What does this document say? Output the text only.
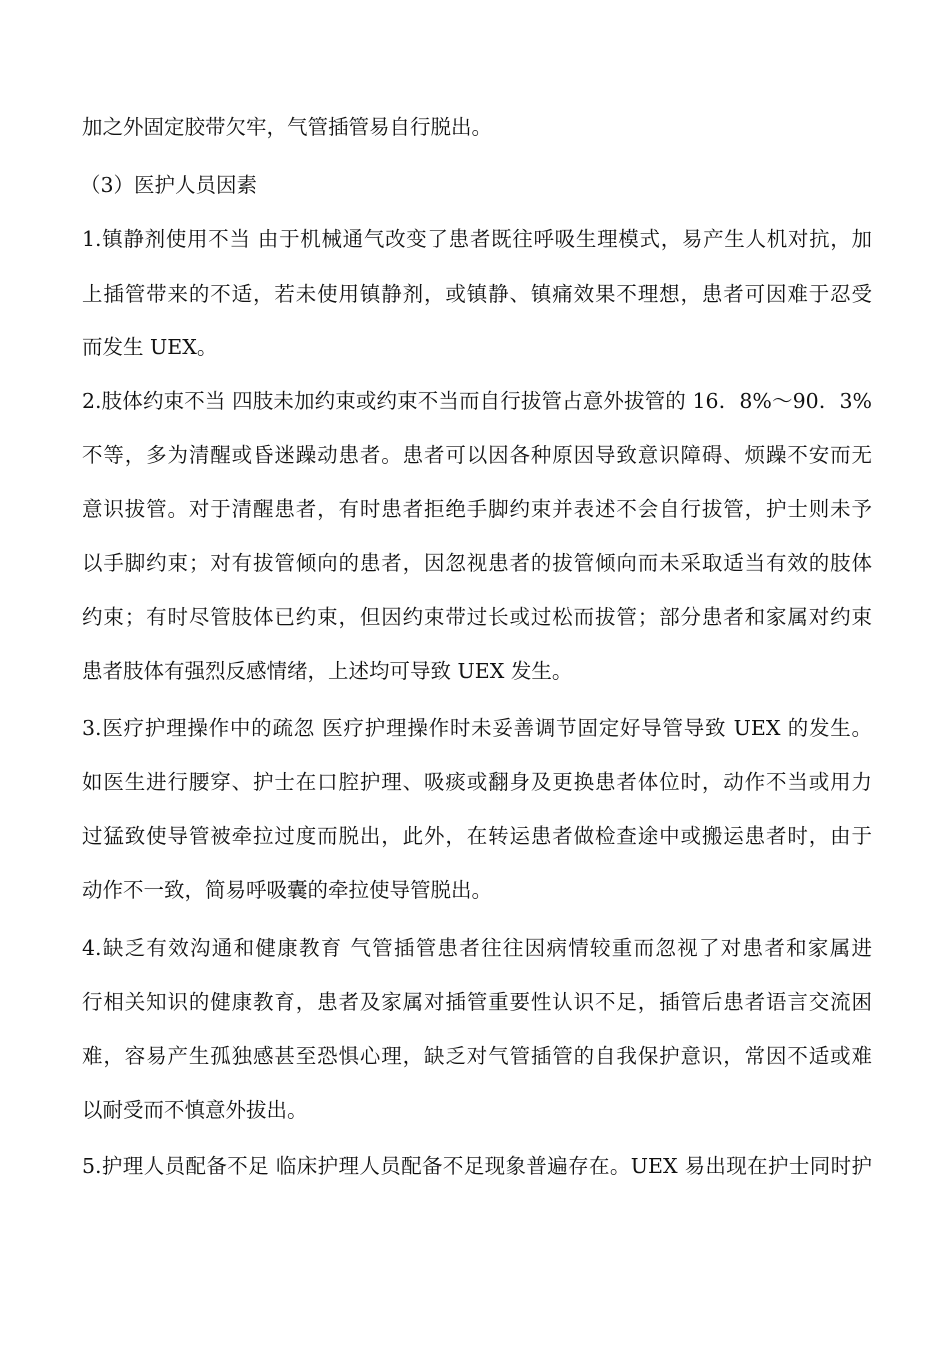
加之外固定胶带欠牢，气管插管易自行脱出。
（3）医护人员因素
1.镇静剂使用不当 由于机械通气改变了患者既往呼吸生理模式，易产生人机对抗，加
上插管带来的不适，若未使用镇静剂，或镇静、镇痛效果不理想，患者可因难于忍受
而发生 UEX。
2.肢体约束不当 四肢未加约束或约束不当而自行拔管占意外拔管的 16．8%～90．3%
不等，多为清醒或昏迷躁动患者。患者可以因各种原因导致意识障碍、烦躁不安而无
意识拔管。对于清醒患者，有时患者拒绝手脚约束并表述不会自行拔管，护士则未予
以手脚约束；对有拔管倾向的患者，因忽视患者的拔管倾向而未采取适当有效的肢体
约束；有时尽管肢体已约束，但因约束带过长或过松而拔管；部分患者和家属对约束
患者肢体有强烈反感情绪，上述均可导致 UEX 发生。
3.医疗护理操作中的疏忽 医疗护理操作时未妥善调节固定好导管导致 UEX 的发生。
如医生进行腰穿、护士在口腔护理、吸痰或翻身及更换患者体位时，动作不当或用力
过猛致使导管被牵拉过度而脱出，此外，在转运患者做检查途中或搬运患者时，由于
动作不一致，简易呼吸囊的牵拉使导管脱出。
4.缺乏有效沟通和健康教育 气管插管患者往往因病情较重而忽视了对患者和家属进
行相关知识的健康教育，患者及家属对插管重要性认识不足，插管后患者语言交流困
难，容易产生孤独感甚至恐惧心理，缺乏对气管插管的自我保护意识，常因不适或难
以耐受而不慎意外拔出。
5.护理人员配备不足 临床护理人员配备不足现象普遍存在。UEX 易出现在护士同时护
